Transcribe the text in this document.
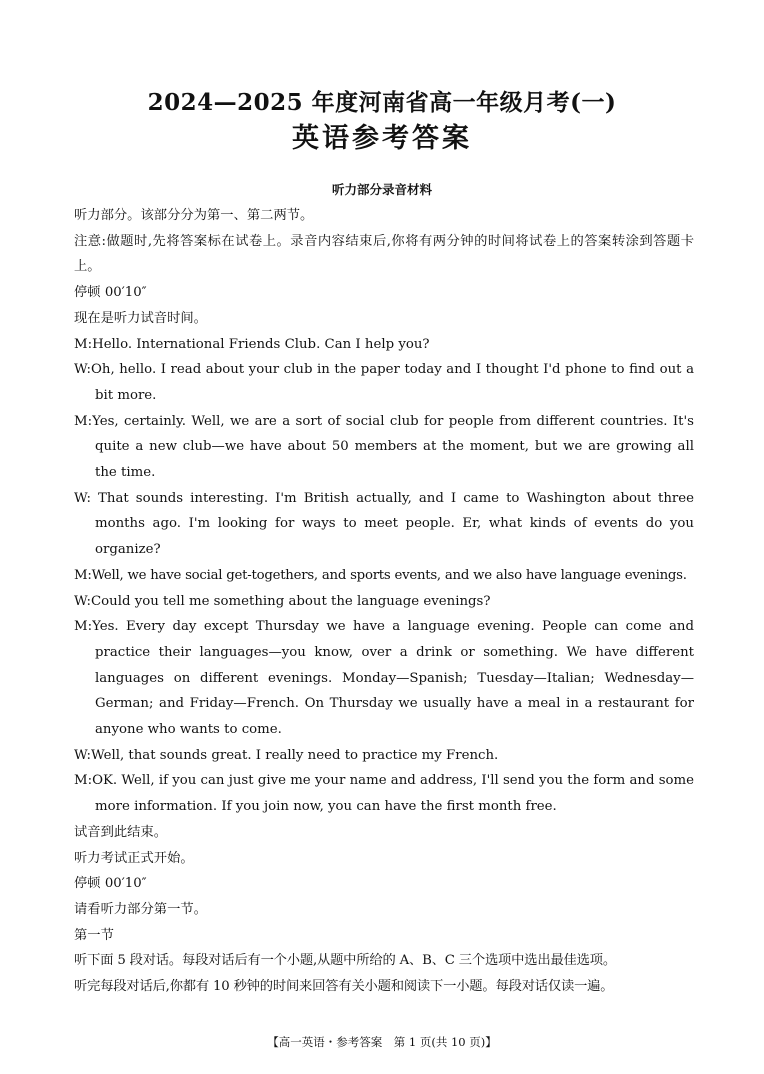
2024—2025 年度河南省高一年级月考(一)
英语参考答案
听力部分录音材料

听力部分。该部分分为第一、第二两节。

注意:做题时,先将答案标在试卷上。录音内容结束后,你将有两分钟的时间将试卷上的答案转涂到答题卡上。

停顿 00′10″

现在是听力试音时间。

M:Hello. International Friends Club. Can I help you?

W:Oh, hello. I read about your club in the paper today and I thought I'd phone to find out a bit more.

M:Yes, certainly. Well, we are a sort of social club for people from different countries. It's quite a new club—we have about 50 members at the moment, but we are growing all the time.

W: That sounds interesting. I'm British actually, and I came to Washington about three months ago. I'm looking for ways to meet people. Er, what kinds of events do you organize?

M:Well, we have social get-togethers, and sports events, and we also have language evenings.

W:Could you tell me something about the language evenings?

M:Yes. Every day except Thursday we have a language evening. People can come and practice their languages—you know, over a drink or something. We have different languages on different evenings. Monday—Spanish; Tuesday—Italian; Wednesday—German; and Friday—French. On Thursday we usually have a meal in a restaurant for anyone who wants to come.

W:Well, that sounds great. I really need to practice my French.

M:OK. Well, if you can just give me your name and address, I'll send you the form and some more information. If you join now, you can have the first month free.

试音到此结束。

听力考试正式开始。

停顿 00′10″

请看听力部分第一节。

第一节

听下面 5 段对话。每段对话后有一个小题,从题中所给的 A、B、C 三个选项中选出最佳选项。

听完每段对话后,你都有 10 秒钟的时间来回答有关小题和阅读下一小题。每段对话仅读一遍。

【高一英语・参考答案　第 1 页(共 10 页)】
